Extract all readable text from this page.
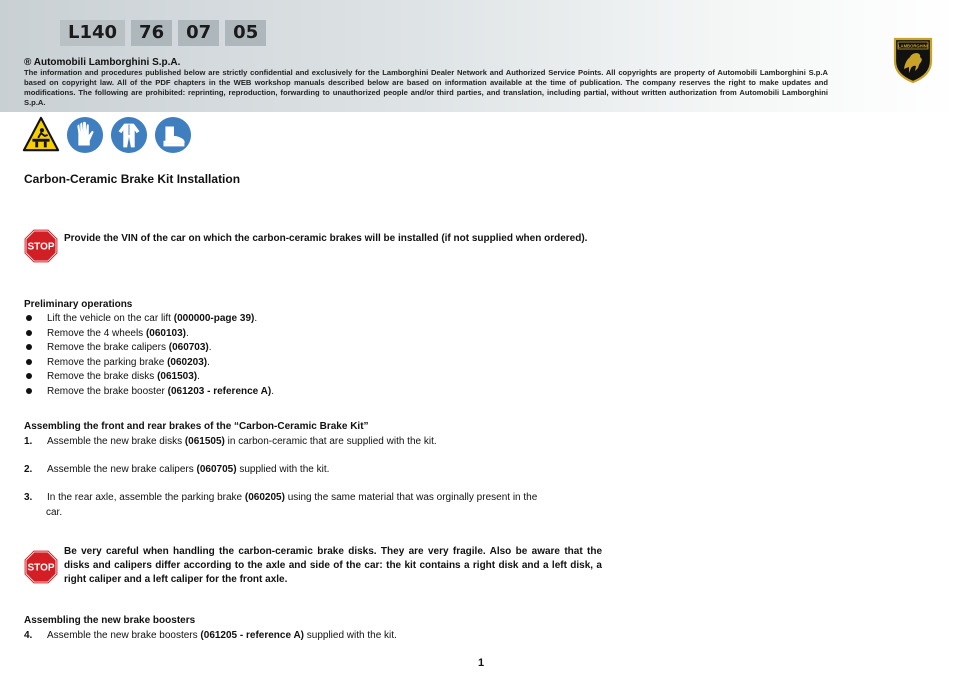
L140	76	07	05
LAMBORGHINI
® Automobili Lamborghini S.p.A.
The information and procedures published below are strictly confidential and exclusively for the Lamborghini Dealer Network and Authorized Service Points. All copyrights are property of Automobili Lamborghini S.p.A based on copyright law. All of the PDF chapters in the WEB workshop manuals described below are based on information available at the time of publication. The company reserves the right to make updates and modifications. The following are prohibited: reprinting, reproduction, forwarding to unauthorized people and/or third parties, and translation, including partial, without written authorization from Automobili Lamborghini S.p.A.
Carbon-Ceramic Brake Kit Installation
STOP
Provide the VIN of the car on which the carbon-ceramic brakes will be installed (if not supplied when ordered).
Preliminary operations
Lift the vehicle on the car lift (000000-page 39).
Remove the 4 wheels (060103).
Remove the brake calipers (060703).
Remove the parking brake (060203).
Remove the brake disks (061503).
Remove the brake booster (061203 - reference A).
Assembling the front and rear brakes of the “Carbon-Ceramic Brake Kit”
1.	Assemble the new brake disks (061505) in carbon-ceramic that are supplied with the kit.
2.	Assemble the new brake calipers (060705) supplied with the kit.
3.	In the rear axle, assemble the parking brake (060205) using the same material that was orginally present in the
car.
STOP
Be very careful when handling the carbon-ceramic brake disks. They are very fragile. Also be aware that the disks and calipers differ according to the axle and side of the car: the kit contains a right disk and a left disk, a right caliper and a left caliper for the front axle.
Assembling the new brake boosters
4.	Assemble the new brake boosters (061205 - reference A) supplied with the kit.
1
